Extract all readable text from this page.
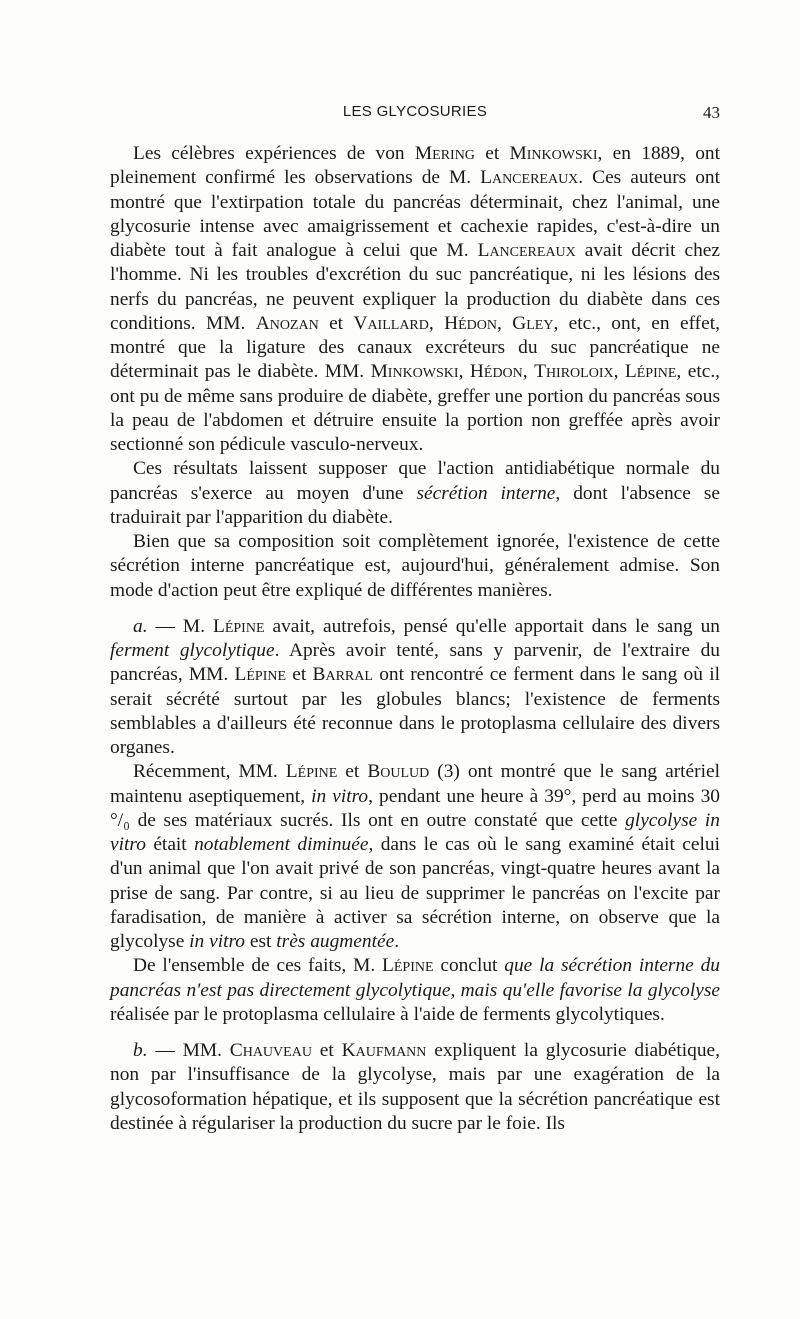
LES GLYCOSURIES	43

Les célèbres expériences de von Mering et Minkowski, en 1889, ont pleinement confirmé les observations de M. Lancereaux. Ces auteurs ont montré que l'extirpation totale du pancréas déterminait, chez l'animal, une glycosurie intense avec amaigrissement et cachexie rapides, c'est-à-dire un diabète tout à fait analogue à celui que M. Lancereaux avait décrit chez l'homme. Ni les troubles d'excrétion du suc pancréatique, ni les lésions des nerfs du pancréas, ne peuvent expliquer la production du diabète dans ces conditions. MM. Anozan et Vaillard, Hédon, Gley, etc., ont, en effet, montré que la ligature des canaux excréteurs du suc pancréatique ne déterminait pas le diabète. MM. Minkowski, Hédon, Thiroloix, Lépine, etc., ont pu de même sans produire de diabète, greffer une portion du pancréas sous la peau de l'abdomen et détruire ensuite la portion non greffée après avoir sectionné son pédicule vasculo-nerveux.

Ces résultats laissent supposer que l'action antidiabétique normale du pancréas s'exerce au moyen d'une sécrétion interne, dont l'absence se traduirait par l'apparition du diabète.

Bien que sa composition soit complètement ignorée, l'existence de cette sécrétion interne pancréatique est, aujourd'hui, généralement admise. Son mode d'action peut être expliqué de différentes manières.

a. — M. Lépine avait, autrefois, pensé qu'elle apportait dans le sang un ferment glycolytique. Après avoir tenté, sans y parvenir, de l'extraire du pancréas, MM. Lépine et Barral ont rencontré ce ferment dans le sang où il serait sécrété surtout par les globules blancs; l'existence de ferments semblables a d'ailleurs été reconnue dans le protoplasma cellulaire des divers organes.

Récemment, MM. Lépine et Boulud (3) ont montré que le sang artériel maintenu aseptiquement, in vitro, pendant une heure à 39°, perd au moins 30 °/₀ de ses matériaux sucrés. Ils ont en outre constaté que cette glycolyse in vitro était notablement diminuée, dans le cas où le sang examiné était celui d'un animal que l'on avait privé de son pancréas, vingt-quatre heures avant la prise de sang. Par contre, si au lieu de supprimer le pancréas on l'excite par faradisation, de manière à activer sa sécrétion interne, on observe que la glycolyse in vitro est très augmentée.

De l'ensemble de ces faits, M. Lépine conclut que la sécrétion interne du pancréas n'est pas directement glycolytique, mais qu'elle favorise la glycolyse réalisée par le protoplasma cellulaire à l'aide de ferments glycolytiques.

b. — MM. Chauveau et Kaufmann expliquent la glycosurie diabétique, non par l'insuffisance de la glycolyse, mais par une exagération de la glycosoformation hépatique, et ils supposent que la sécrétion pancréatique est destinée à régulariser la production du sucre par le foie. Ils
